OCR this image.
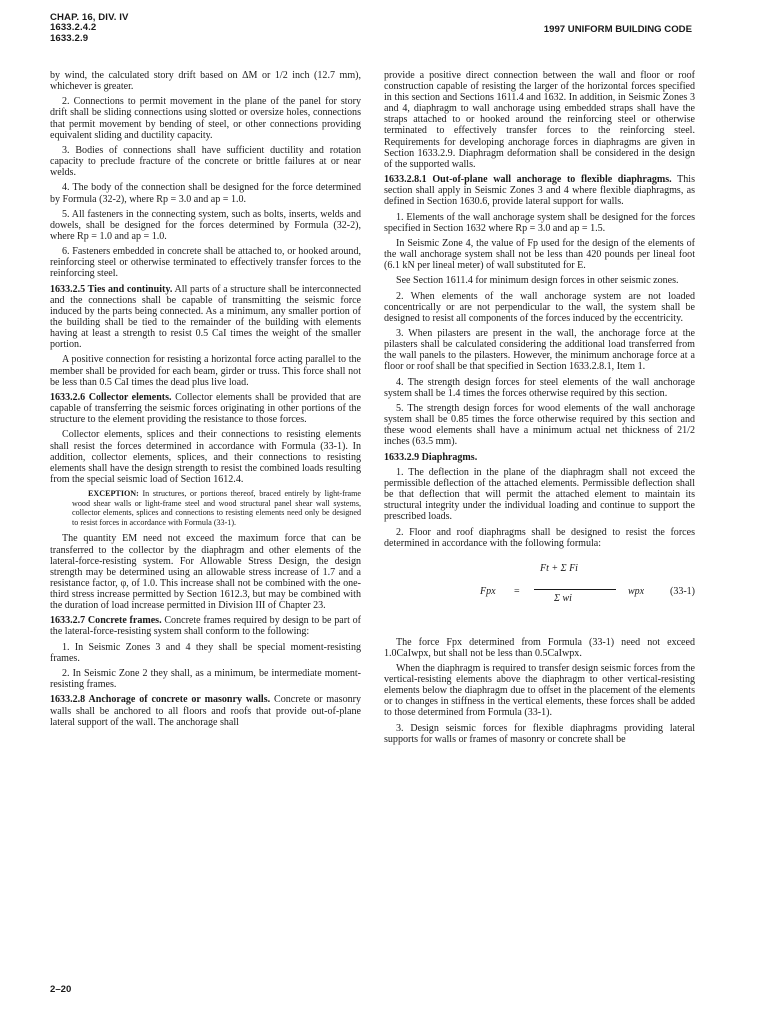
CHAP. 16, DIV. IV
1633.2.4.2
1633.2.9
1997 UNIFORM BUILDING CODE

by wind, the calculated story drift based on ΔM or 1/2 inch (12.7 mm), whichever is greater.

2. Connections to permit movement in the plane of the panel for story drift shall be sliding connections using slotted or oversize holes, connections that permit movement by bending of steel, or other connections providing equivalent sliding and ductility capacity.

3. Bodies of connections shall have sufficient ductility and rotation capacity to preclude fracture of the concrete or brittle failures at or near welds.

4. The body of the connection shall be designed for the force determined by Formula (32-2), where Rp = 3.0 and ap = 1.0.

5. All fasteners in the connecting system, such as bolts, inserts, welds and dowels, shall be designed for the forces determined by Formula (32-2), where Rp = 1.0 and ap = 1.0.

6. Fasteners embedded in concrete shall be attached to, or hooked around, reinforcing steel or otherwise terminated to effectively transfer forces to the reinforcing steel.

1633.2.5 Ties and continuity. All parts of a structure shall be interconnected and the connections shall be capable of transmitting the seismic force induced by the parts being connected. As a minimum, any smaller portion of the building shall be tied to the remainder of the building with elements having at least a strength to resist 0.5 CaI times the weight of the smaller portion.

A positive connection for resisting a horizontal force acting parallel to the member shall be provided for each beam, girder or truss. This force shall not be less than 0.5 CaI times the dead plus live load.

1633.2.6 Collector elements. Collector elements shall be provided that are capable of transferring the seismic forces originating in other portions of the structure to the element providing the resistance to those forces.

Collector elements, splices and their connections to resisting elements shall resist the forces determined in accordance with Formula (33-1). In addition, collector elements, splices, and their connections to resisting elements shall have the design strength to resist the combined loads resulting from the special seismic load of Section 1612.4.

EXCEPTION: In structures, or portions thereof, braced entirely by light-frame wood shear walls or light-frame steel and wood structural panel shear wall systems, collector elements, splices and connections to resisting elements need only be designed to resist forces in accordance with Formula (33-1).

The quantity EM need not exceed the maximum force that can be transferred to the collector by the diaphragm and other elements of the lateral-force-resisting system. For Allowable Stress Design, the design strength may be determined using an allowable stress increase of 1.7 and a resistance factor, φ, of 1.0. This increase shall not be combined with the one-third stress increase permitted by Section 1612.3, but may be combined with the duration of load increase permitted in Division III of Chapter 23.

1633.2.7 Concrete frames. Concrete frames required by design to be part of the lateral-force-resisting system shall conform to the following:

1. In Seismic Zones 3 and 4 they shall be special moment-resisting frames.

2. In Seismic Zone 2 they shall, as a minimum, be intermediate moment-resisting frames.

1633.2.8 Anchorage of concrete or masonry walls. Concrete or masonry walls shall be anchored to all floors and roofs that provide out-of-plane lateral support of the wall. The anchorage shall

provide a positive direct connection between the wall and floor or roof construction capable of resisting the larger of the horizontal forces specified in this section and Sections 1611.4 and 1632. In addition, in Seismic Zones 3 and 4, diaphragm to wall anchorage using embedded straps shall have the straps attached to or hooked around the reinforcing steel or otherwise terminated to effectively transfer forces to the reinforcing steel. Requirements for developing anchorage forces in diaphragms are given in Section 1633.2.9. Diaphragm deformation shall be considered in the design of the supported walls.

1633.2.8.1 Out-of-plane wall anchorage to flexible diaphragms. This section shall apply in Seismic Zones 3 and 4 where flexible diaphragms, as defined in Section 1630.6, provide lateral support for walls.

1. Elements of the wall anchorage system shall be designed for the forces specified in Section 1632 where Rp = 3.0 and ap = 1.5.

In Seismic Zone 4, the value of Fp used for the design of the elements of the wall anchorage system shall not be less than 420 pounds per lineal foot (6.1 kN per lineal meter) of wall substituted for E.

See Section 1611.4 for minimum design forces in other seismic zones.

2. When elements of the wall anchorage system are not loaded concentrically or are not perpendicular to the wall, the system shall be designed to resist all components of the forces induced by the eccentricity.

3. When pilasters are present in the wall, the anchorage force at the pilasters shall be calculated considering the additional load transferred from the wall panels to the pilasters. However, the minimum anchorage force at a floor or roof shall be that specified in Section 1633.2.8.1, Item 1.

4. The strength design forces for steel elements of the wall anchorage system shall be 1.4 times the forces otherwise required by this section.

5. The strength design forces for wood elements of the wall anchorage system shall be 0.85 times the force otherwise required by this section and these wood elements shall have a minimum actual net thickness of 21/2 inches (63.5 mm).

1633.2.9 Diaphragms.

1. The deflection in the plane of the diaphragm shall not exceed the permissible deflection of the attached elements. Permissible deflection shall be that deflection that will permit the attached element to maintain its structural integrity under the individual loading and continue to support the prescribed loads.

2. Floor and roof diaphragms shall be designed to resist the forces determined in accordance with the following formula:

Fpx =
Ft + Σ Fi
Σ wi
wpx	(33-1)

The force Fpx determined from Formula (33-1) need not exceed 1.0CaIwpx, but shall not be less than 0.5CaIwpx.

When the diaphragm is required to transfer design seismic forces from the vertical-resisting elements above the diaphragm to other vertical-resisting elements below the diaphragm due to offset in the placement of the elements or to changes in stiffness in the vertical elements, these forces shall be added to those determined from Formula (33-1).

3. Design seismic forces for flexible diaphragms providing lateral supports for walls or frames of masonry or concrete shall be

2–20
